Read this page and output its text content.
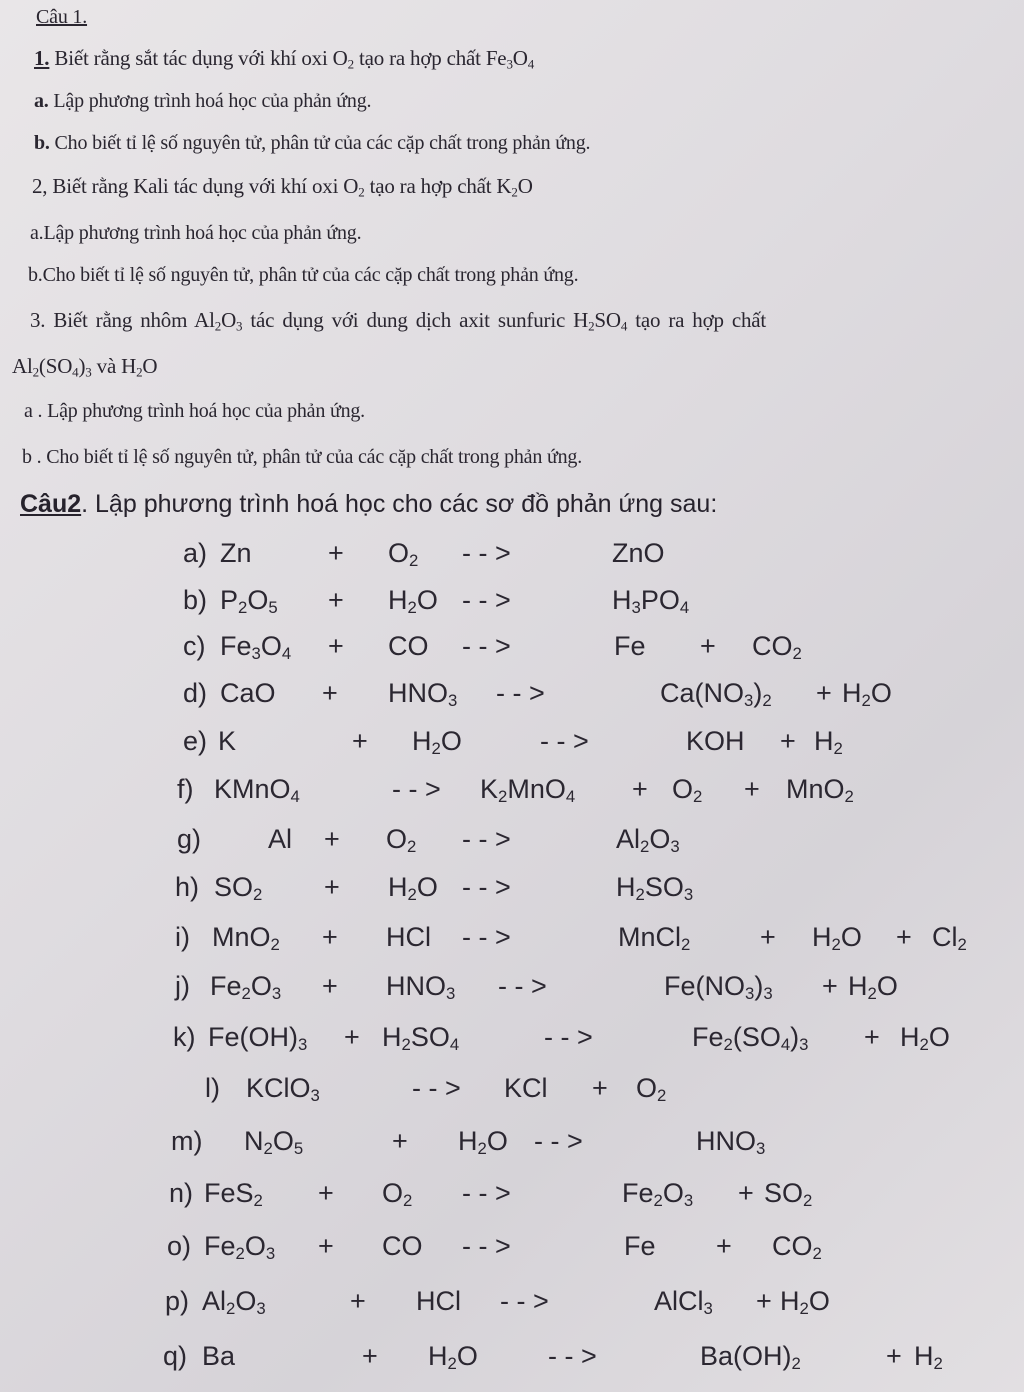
Câu 1.
1. Biết rằng sắt tác dụng với khí oxi $O_2$ tạo ra hợp chất $Fe_3O_4$
a. Lập phương trình hoá học của phản ứng.
b. Cho biết tỉ lệ số nguyên tử, phân tử của các cặp chất trong phản ứng.
2, Biết rằng Kali tác dụng với khí oxi $O_2$ tạo ra hợp chất $K_2O$
a.Lập phương trình hoá học của phản ứng.
b.Cho biết tỉ lệ số nguyên tử, phân tử của các cặp chất trong phản ứng.
3. Biết rằng nhôm $Al_2O_3$ tác dụng với dung dịch axit sunfuric $H_2SO_4$ tạo ra hợp chất
$Al_2(SO_4)_3$ và $H_2O$
a . Lập phương trình hoá học của phản ứng.
b . Cho biết tỉ lệ số nguyên tử, phân tử của các cặp chất trong phản ứng.
Câu2. Lập phương trình hoá học cho các sơ đồ phản ứng sau:
a) Zn	+ $O_2$ - - >	ZnO
b) $P_2O_5 + H_2O$ - - >	$H_3PO_4$
c) $Fe_3O_4$ + CO - - >	$Fe + CO_2$
d) CaO + $HNO_3$ - - >	$Ca(NO_3)_2 + H_2O$
e) K	+ $H_2O$	- - >	KOH + $H_2$
f) KMnO$_4$	- - > $K_2MnO_4 + O_2 + MnO_2$
g) $Al + O_2$ - - >	$Al_2O_3$
h) $SO_2 + H_2O$ - - >	$H_2SO_3$
i) MnO$_2$ + HCl - - >	MnCl$_2$	+ $H_2O + Cl_2$
j) $Fe_2O_3 + HNO_3$ - - >	$Fe(NO_3)_3 + H_2O$
k) $Fe(OH)_3 + H_2SO_4$	- - >	$Fe_2(SO_4)_3 + H_2O$
l) KClO$_3$	- - > KCl + $O_2$
m) $N_2O_5$	+ $H_2O$ - - >	$HNO_3$
n) $FeS_2 + O_2$ - - >	$Fe_2O_3 + SO_2$
o) $Fe_2O_3$ + CO - - >	$Fe + CO_2$
p) $Al_2O_3$	+ HCl - - >	AlCl$_3$ + $H_2O$
q) Ba	+ $H_2O$	- - >	$Ba(OH)_2$	+ $H_2$
